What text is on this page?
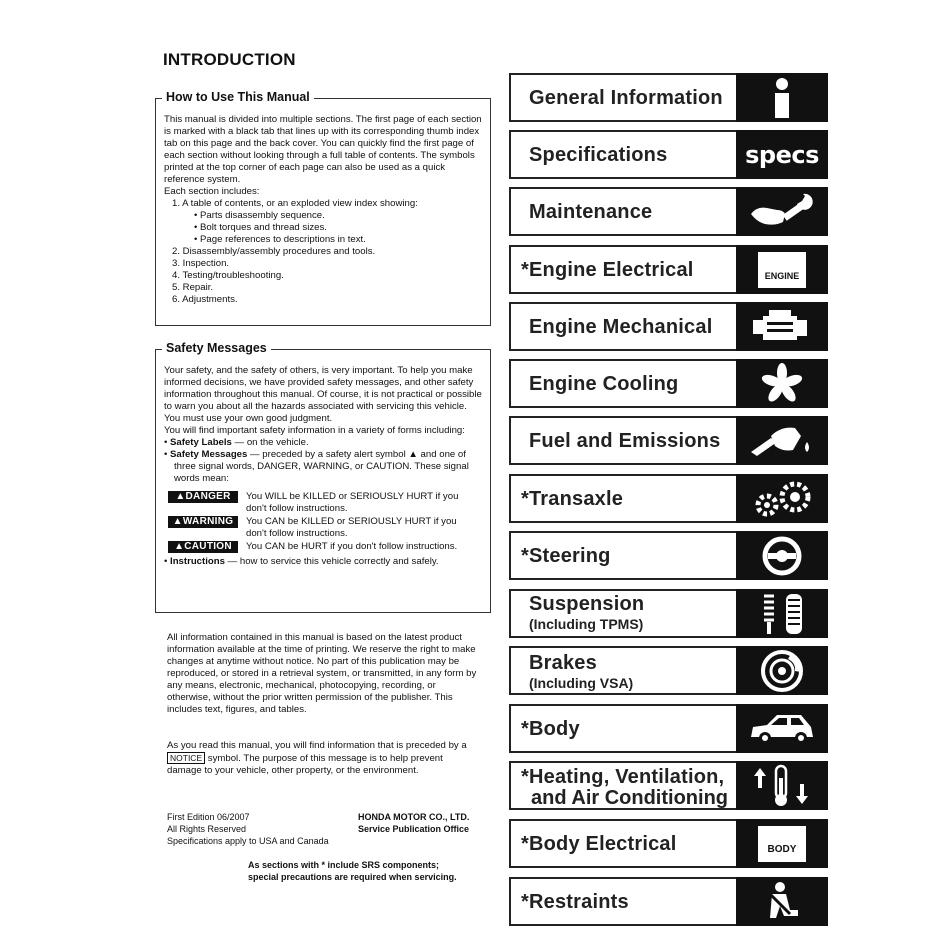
INTRODUCTION
How to Use This Manual

This manual is divided into multiple sections. The first page of each section is marked with a black tab that lines up with its corresponding thumb index tab on this page and the back cover. You can quickly find the first page of each section without looking through a full table of contents. The symbols printed at the top corner of each page can also be used as a quick reference system.

Each section includes:

1. A table of contents, or an exploded view index showing:
• Parts disassembly sequence.
• Bolt torques and thread sizes.
• Page references to descriptions in text.
2. Disassembly/assembly procedures and tools.
3. Inspection.
4. Testing/troubleshooting.
5. Repair.
6. Adjustments.
Safety Messages

Your safety, and the safety of others, is very important. To help you make informed decisions, we have provided safety messages, and other safety information throughout this manual. Of course, it is not practical or possible to warn you about all the hazards associated with servicing this vehicle. You must use your own good judgment.

You will find important safety information in a variety of forms including:

• Safety Labels — on the vehicle.
• Safety Messages — preceded by a safety alert symbol ▲ and one of three signal words, DANGER, WARNING, or CAUTION. These signal words mean:
▲DANGER	You WILL be KILLED or SERIOUSLY HURT if you don't follow instructions.
▲WARNING	You CAN be KILLED or SERIOUSLY HURT if you don't follow instructions.
▲CAUTION	You CAN be HURT if you don't follow instructions.
• Instructions — how to service this vehicle correctly and safely.
All information contained in this manual is based on the latest product information available at the time of printing. We reserve the right to make changes at anytime without notice. No part of this publication may be reproduced, or stored in a retrieval system, or transmitted, in any form by any means, electronic, mechanical, photocopying, recording, or otherwise, without the prior written permission of the publisher. This includes text, figures, and tables.
As you read this manual, you will find information that is preceded by a NOTICE symbol. The purpose of this message is to help prevent damage to your vehicle, other property, or the environment.
First Edition 06/2007
All Rights Reserved
Specifications apply to USA and Canada
HONDA MOTOR CO., LTD.
Service Publication Office
As sections with * include SRS components;
special precautions are required when servicing.
General Information
Specifications	specs
Maintenance
*Engine Electrical
−
ENGINE
Engine Mechanical
Engine Cooling
Fuel and Emissions
*Transaxle
*Steering
Suspension
(Including TPMS)
Brakes
(Including VSA)
*Body
*Heating, Ventilation,
and Air Conditioning
*Body Electrical	BODY
*Restraints
